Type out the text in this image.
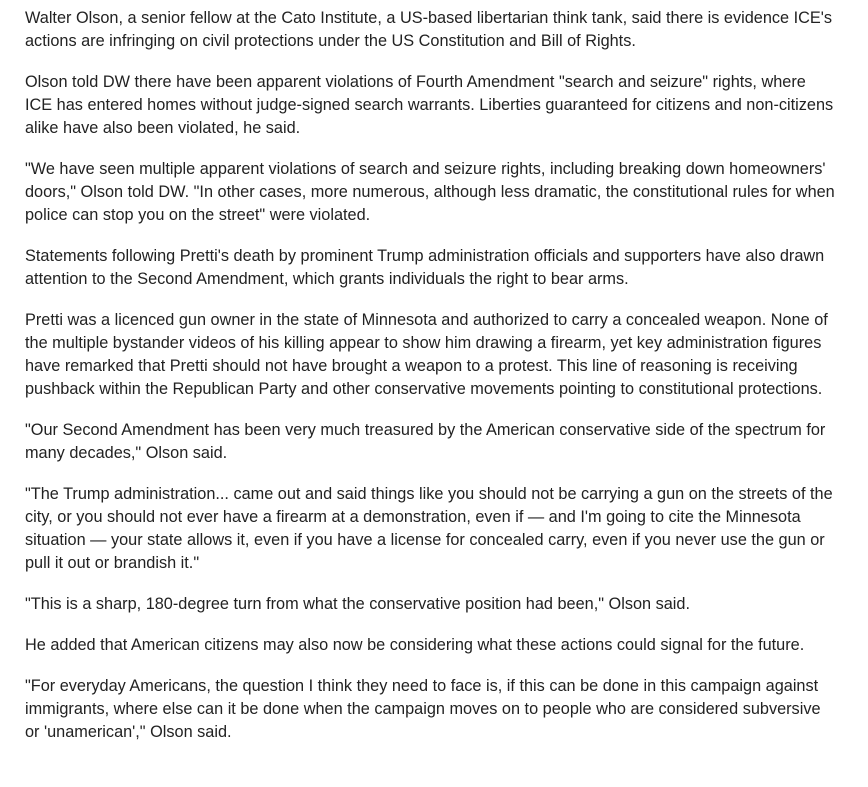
Walter Olson, a senior fellow at the Cato Institute, a US-based libertarian think tank, said there is evidence ICE's actions are infringing on civil protections under the US Constitution and Bill of Rights.

Olson told DW there have been apparent violations of Fourth Amendment "search and seizure" rights, where ICE has entered homes without judge-signed search warrants. Liberties guaranteed for citizens and non-citizens alike have also been violated, he said.

"We have seen multiple apparent violations of search and seizure rights, including breaking down homeowners' doors," Olson told DW. "In other cases, more numerous, although less dramatic, the constitutional rules for when police can stop you on the street" were violated.

Statements following Pretti's death by prominent Trump administration officials and supporters have also drawn attention to the Second Amendment, which grants individuals the right to bear arms.

Pretti was a licenced gun owner in the state of Minnesota and authorized to carry a concealed weapon. None of the multiple bystander videos of his killing appear to show him drawing a firearm, yet key administration figures have remarked that Pretti should not have brought a weapon to a protest. This line of reasoning is receiving pushback within the Republican Party and other conservative movements pointing to constitutional protections.

"Our Second Amendment has been very much treasured by the American conservative side of the spectrum for many decades," Olson said.

"The Trump administration... came out and said things like you should not be carrying a gun on the streets of the city, or you should not ever have a firearm at a demonstration, even if — and I'm going to cite the Minnesota situation — your state allows it, even if you have a license for concealed carry, even if you never use the gun or pull it out or brandish it."

"This is a sharp, 180-degree turn from what the conservative position had been," Olson said.

He added that American citizens may also now be considering what these actions could signal for the future.

"For everyday Americans, the question I think they need to face is, if this can be done in this campaign against immigrants, where else can it be done when the campaign moves on to people who are considered subversive or 'unamerican'," Olson said.
